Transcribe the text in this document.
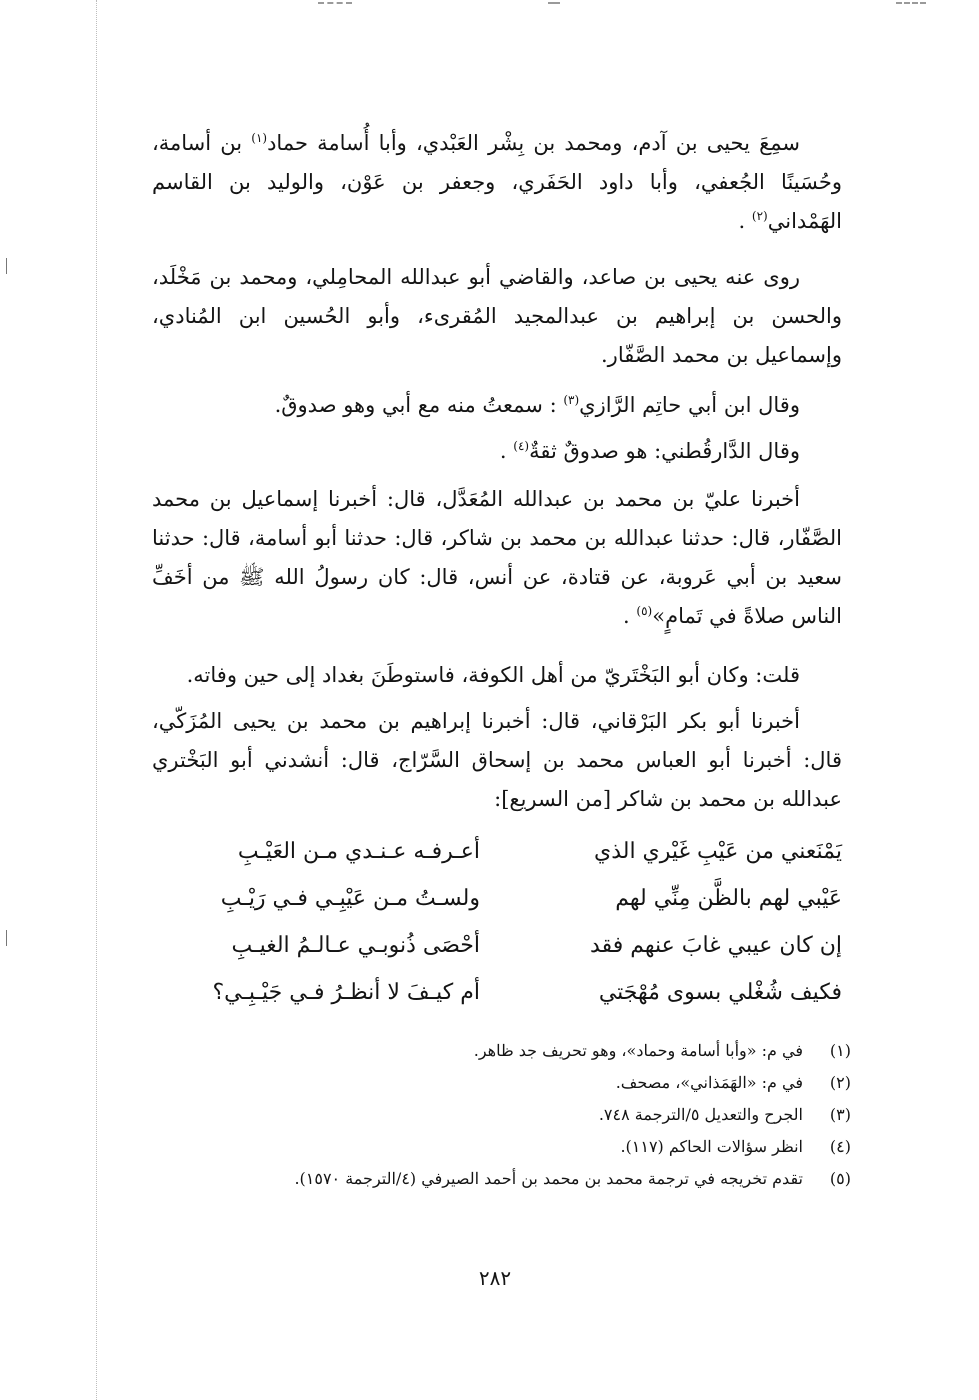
سمِعَ يحيى بن آدم، ومحمد بن بِشْر العَبْدي، وأبا أُسامة حماد$^{(١)}$ بن أسامة، وحُسَينًا الجُعفي، وأبا داود الحَفَري، وجعفر بن عَوْن، والوليد بن القاسم الهَمْداني$^{(٢)}$ .

روى عنه يحيى بن صاعد، والقاضي أبو عبدالله المحامِلي، ومحمد بن مَخْلَد، والحسن بن إبراهيم بن عبدالمجيد المُقرىء، وأبو الحُسين ابن المُنادي، وإسماعيل بن محمد الصَّفّار.

وقال ابن أبي حاتِم الرَّازي$^{(٣)}$ : سمعتُ منه مع أبي وهو صدوقٌ.

وقال الدَّارقُطني: هو صدوقٌ ثقةٌ$^{(٤)}$ .

أخبرنا عليّ بن محمد بن عبدالله المُعَدَّل، قال: أخبرنا إسماعيل بن محمد الصَّفّار، قال: حدثنا عبدالله بن محمد بن شاكر، قال: حدثنا أبو أسامة، قال: حدثنا سعيد بن أبي عَروبة، عن قتادة، عن أنس، قال: كان رسولُ الله ﷺ من أخَفِّ الناس صلاةً في تَمامٍ»$^{(٥)}$ .

قلت: وكان أبو البَخْتَريّ من أهل الكوفة، فاستوطَنَ بغداد إلى حين وفاته.

أخبرنا أبو بكر البَرْقاني، قال: أخبرنا إبراهيم بن محمد بن يحيى المُزَكّي، قال: أخبرنا أبو العباس محمد بن إسحاق السَّرّاج، قال: أنشدني أبو البَخْتري عبدالله بن محمد بن شاكر [من السريع]:

يَمْنَعني من عَيْبِ غَيْري الذي
أعـرفـه عـنـدي مـن العَيْـبِ
عَيْبي لهم بالظَّن مِنِّي لهم
ولسـتُ مـن عَيْبِـي فـي رَيْـبِ
إن كان عيبي غابَ عنهم فقد
أحْصَى ذُنوبـي عـالـمُ الغيـبِ
فكيف شُغْلي بسوى مُهْجَتي
أم كيـفَ لا أنظـرُ فـي جَيْـبِـي؟
(١)
في م: «وأبا أسامة وحماد»، وهو تحريف جد ظاهر.
(٢)
في م: «الهَمَذاني»، مصحف.
(٣)
الجرح والتعديل ٥/الترجمة ٧٤٨.
(٤)
انظر سؤالات الحاكم (١١٧).
(٥)
تقدم تخريجه في ترجمة محمد بن محمد بن أحمد الصيرفي (٤/الترجمة ١٥٧٠).
٢٨٢
